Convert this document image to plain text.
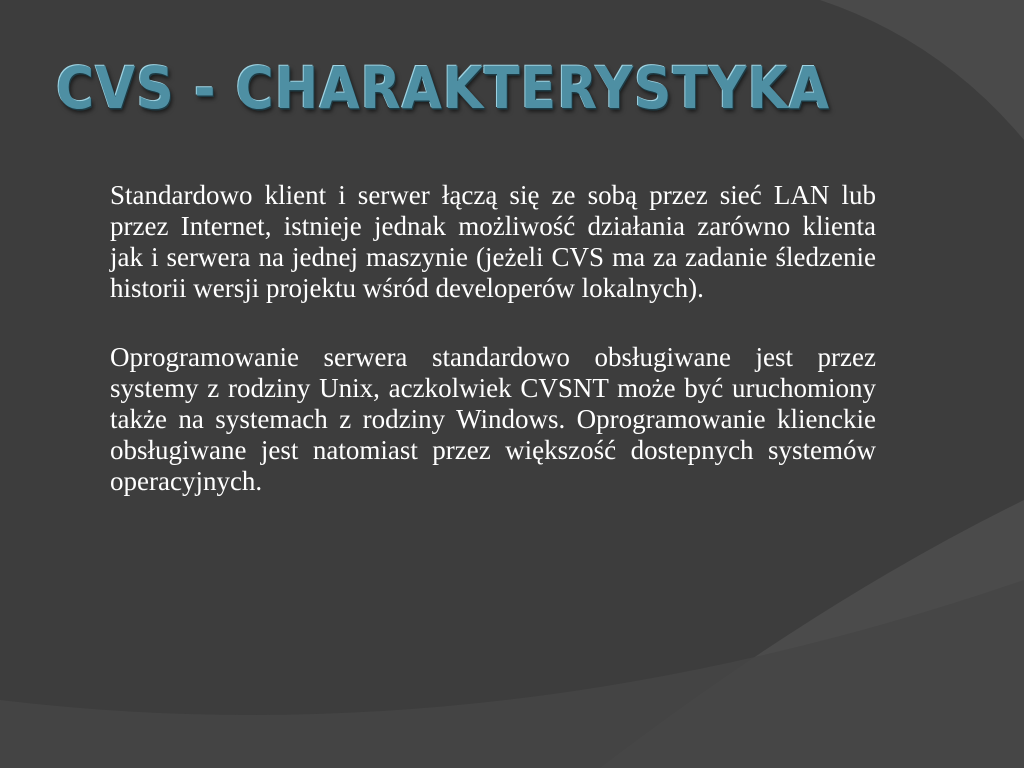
CVS - CHARAKTERYSTYKA

Standardowo klient i serwer łączą się ze sobą przez sieć LAN lub przez Internet, istnieje jednak możliwość działania zarówno klienta jak i serwera na jednej maszynie (jeżeli CVS ma za zadanie śledzenie historii wersji projektu wśród developerów lokalnych).

Oprogramowanie serwera standardowo obsługiwane jest przez systemy z rodziny Unix, aczkolwiek CVSNT może być uruchomiony także na systemach z rodziny Windows. Oprogramowanie klienckie obsługiwane jest natomiast przez większość dostepnych systemów operacyjnych.
